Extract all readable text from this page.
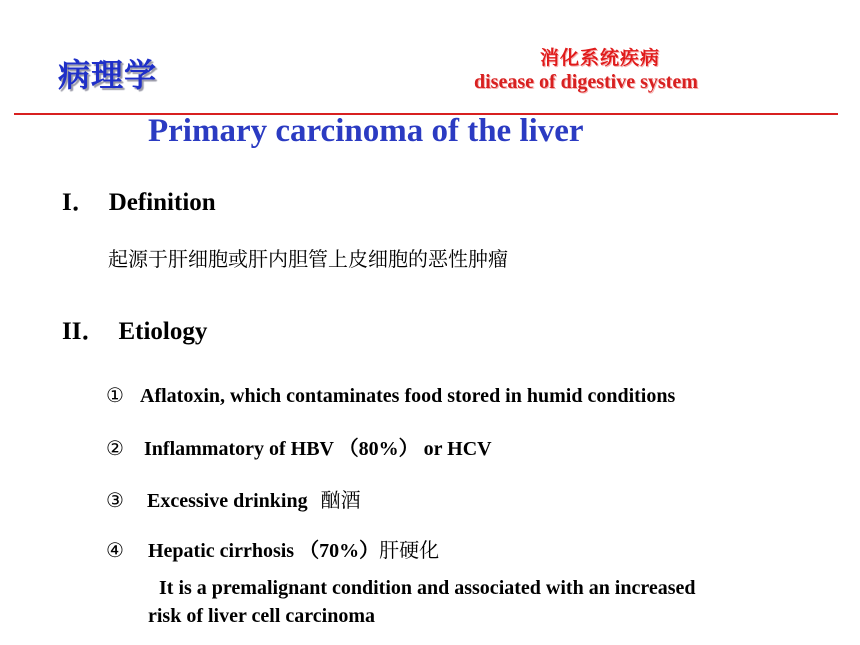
病理学	消化系统疾病
disease of digestive system
Primary carcinoma of the liver
I． Definition
起源于肝细胞或肝内胆管上皮细胞的恶性肿瘤
II． Etiology
① Aflatoxin, which contaminates food stored in humid conditions
② Inflammatory of HBV （80%） or HCV
③ Excessive drinking 酗酒
④ Hepatic cirrhosis （70%）肝硬化
It is a premalignant condition and associated with an increased
risk of liver cell carcinoma
